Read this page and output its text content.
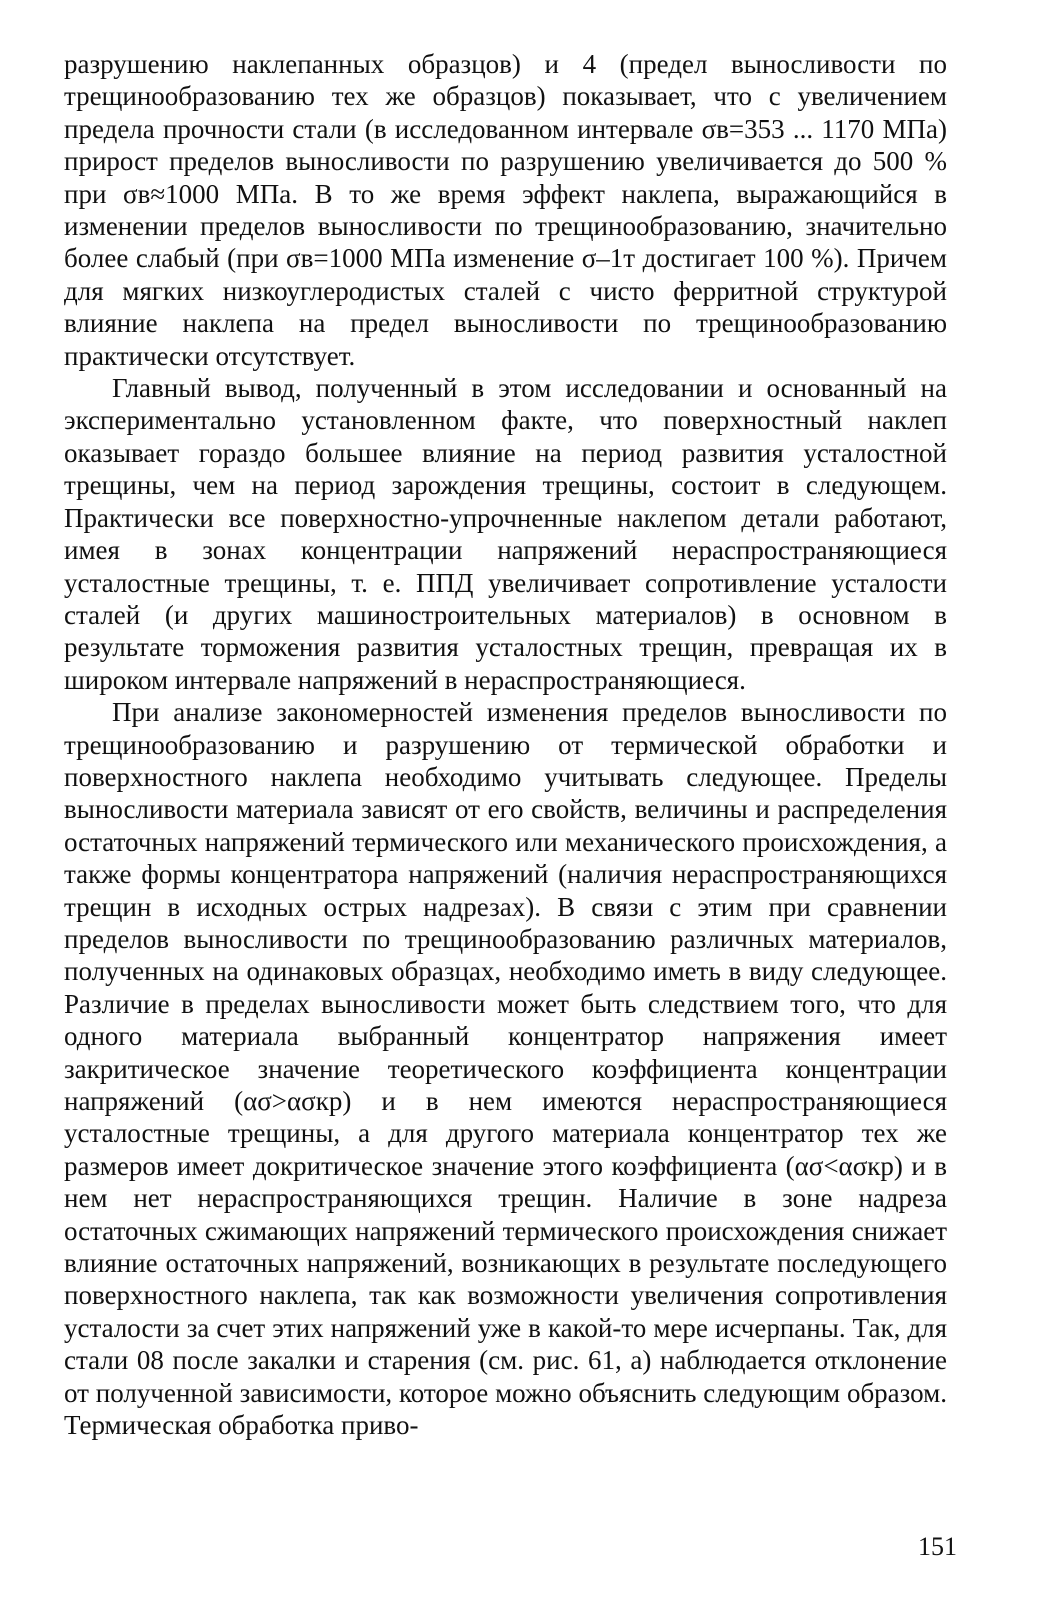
разрушению наклепанных образцов) и 4 (предел выносливости по трещинообразованию тех же образцов) показывает, что с увеличением предела прочности стали (в исследованном интервале σв=353 ... 1170 МПа) прирост пределов выносливости по разрушению увеличивается до 500 % при σв≈1000 МПа. В то же время эффект наклепа, выражающийся в изменении пределов выносливости по трещинообразованию, значительно более слабый (при σв=1000 МПа изменение σ–1т достигает 100 %). Причем для мягких низкоуглеродистых сталей с чисто ферритной структурой влияние наклепа на предел выносливости по трещинообразованию практически отсутствует.

Главный вывод, полученный в этом исследовании и основанный на экспериментально установленном факте, что поверхностный наклеп оказывает гораздо большее влияние на период развития усталостной трещины, чем на период зарождения трещины, состоит в следующем. Практически все поверхностно-упрочненные наклепом детали работают, имея в зонах концентрации напряжений нераспространяющиеся усталостные трещины, т. е. ППД увеличивает сопротивление усталости сталей (и других машиностроительных материалов) в основном в результате торможения развития усталостных трещин, превращая их в широком интервале напряжений в нераспространяющиеся.

При анализе закономерностей изменения пределов выносливости по трещинообразованию и разрушению от термической обработки и поверхностного наклепа необходимо учитывать следующее. Пределы выносливости материала зависят от его свойств, величины и распределения остаточных напряжений термического или механического происхождения, а также формы концентратора напряжений (наличия нераспространяющихся трещин в исходных острых надрезах). В связи с этим при сравнении пределов выносливости по трещинообразованию различных материалов, полученных на одинаковых образцах, необходимо иметь в виду следующее. Различие в пределах выносливости может быть следствием того, что для одного материала выбранный концентратор напряжения имеет закритическое значение теоретического коэффициента концентрации напряжений (ασ>ασкр) и в нем имеются нераспространяющиеся усталостные трещины, а для другого материала концентратор тех же размеров имеет докритическое значение этого коэффициента (ασ<ασкр) и в нем нет нераспространяющихся трещин. Наличие в зоне надреза остаточных сжимающих напряжений термического происхождения снижает влияние остаточных напряжений, возникающих в результате последующего поверхностного наклепа, так как возможности увеличения сопротивления усталости за счет этих напряжений уже в какой-то мере исчерпаны. Так, для стали 08 после закалки и старения (см. рис. 61, а) наблюдается отклонение от полученной зависимости, которое можно объяснить следующим образом. Термическая обработка приво-

151
